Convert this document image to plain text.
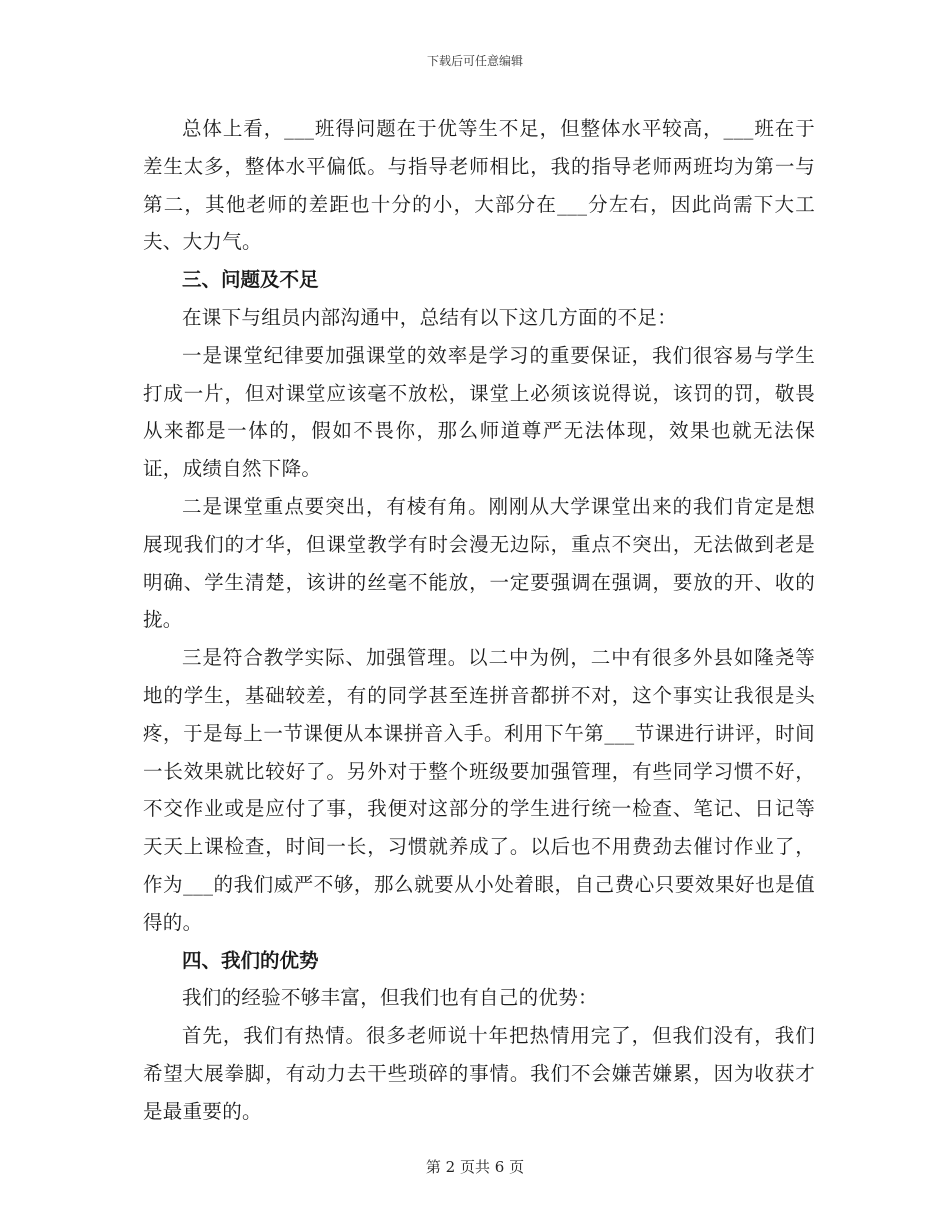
下载后可任意编辑

总体上看，___班得问题在于优等生不足，但整体水平较高，___班在于差生太多，整体水平偏低。与指导老师相比，我的指导老师两班均为第一与第二，其他老师的差距也十分的小，大部分在___分左右，因此尚需下大工夫、大力气。

三、问题及不足

在课下与组员内部沟通中，总结有以下这几方面的不足：

一是课堂纪律要加强课堂的效率是学习的重要保证，我们很容易与学生打成一片，但对课堂应该毫不放松，课堂上必须该说得说，该罚的罚，敬畏从来都是一体的，假如不畏你，那么师道尊严无法体现，效果也就无法保证，成绩自然下降。

二是课堂重点要突出，有棱有角。刚刚从大学课堂出来的我们肯定是想展现我们的才华，但课堂教学有时会漫无边际，重点不突出，无法做到老是明确、学生清楚，该讲的丝毫不能放，一定要强调在强调，要放的开、收的拢。

三是符合教学实际、加强管理。以二中为例，二中有很多外县如隆尧等地的学生，基础较差，有的同学甚至连拼音都拼不对，这个事实让我很是头疼，于是每上一节课便从本课拼音入手。利用下午第___节课进行讲评，时间一长效果就比较好了。另外对于整个班级要加强管理，有些同学习惯不好，不交作业或是应付了事，我便对这部分的学生进行统一检查、笔记、日记等天天上课检查，时间一长，习惯就养成了。以后也不用费劲去催讨作业了，作为___的我们威严不够，那么就要从小处着眼，自己费心只要效果好也是值得的。

四、我们的优势

我们的经验不够丰富，但我们也有自己的优势：

首先，我们有热情。很多老师说十年把热情用完了，但我们没有，我们希望大展拳脚，有动力去干些琐碎的事情。我们不会嫌苦嫌累，因为收获才是最重要的。

第 2 页共 6 页
